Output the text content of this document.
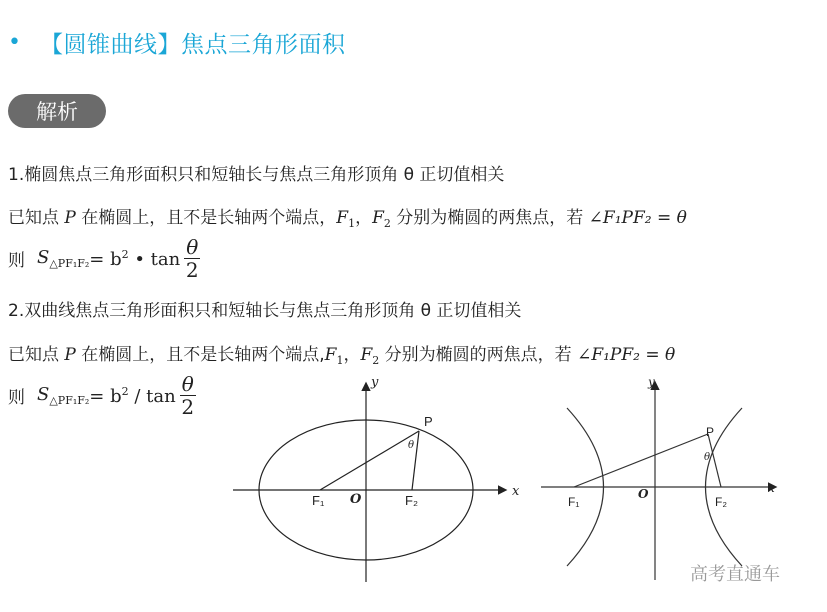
• 【圆锥曲线】焦点三角形面积
解析
1.椭圆焦点三角形面积只和短轴长与焦点三角形顶角 θ 正切值相关
已知点 P 在椭圆上，且不是长轴两个端点，$F_1$，$F_2$ 分别为椭圆的两焦点，若 ∠F₁PF₂ = θ
则 $S_{\triangle PF_1F_2} = b^2$ • $\tan \frac{\theta}{2}$
2.双曲线焦点三角形面积只和短轴长与焦点三角形顶角 θ 正切值相关
已知点 P 在椭圆上，且不是长轴两个端点$,F_1$，$F_2$ 分别为椭圆的两焦点，若 ∠F₁PF₂ = θ
则 $S_{\triangle PF_1F_2} = b^2 / \tan \frac{\theta}{2}$
x
y
O
P
F₁	F₂
θ
x
y
O
P
F₁	F₂
θ
高考直通车
